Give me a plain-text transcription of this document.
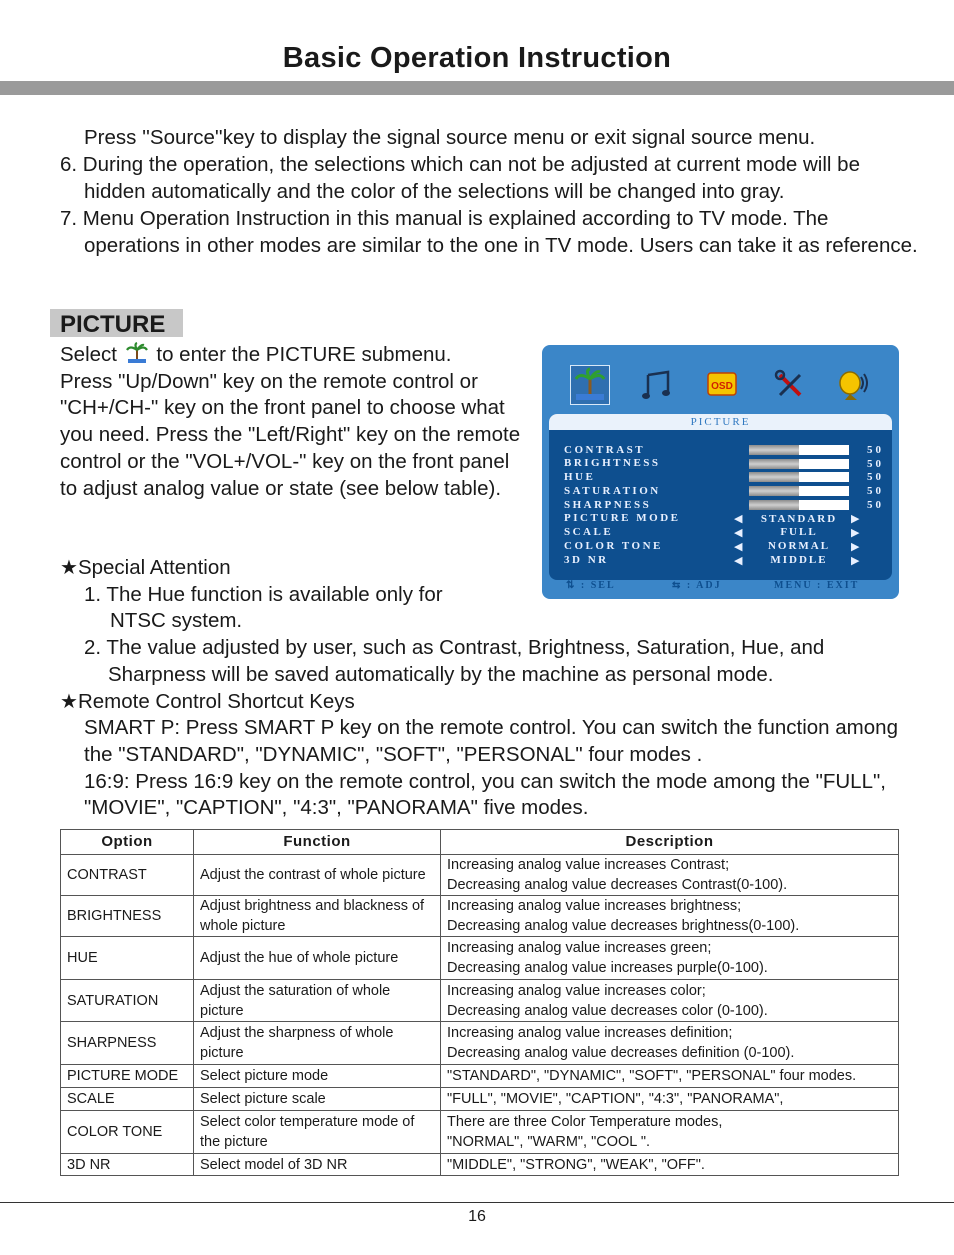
Basic Operation Instruction

Press ''Source''key to display the signal source menu or exit signal source menu.

6. During the operation, the selections which can not be adjusted at current mode will be hidden automatically and the color of the selections will be changed into gray.

7. Menu Operation Instruction in this manual is explained according to TV mode. The operations in other modes are similar to the one in TV mode. Users can take it as reference.

PICTURE

Select to enter the PICTURE submenu.

Press "Up/Down" key on the remote control or "CH+/CH-" key on the front panel to choose what you need. Press the "Left/Right" key on the remote control or the "VOL+/VOL-" key on the front panel to adjust analog value or state (see below table).

★Special Attention

1. The Hue function is available only for

NTSC system.

2. The value adjusted by user, such as Contrast, Brightness, Saturation, Hue, and

Sharpness will be saved automatically by the machine as personal mode.

★Remote Control Shortcut Keys

SMART P: Press SMART P key on the remote control. You can switch the function among the "STANDARD", "DYNAMIC", "SOFT", "PERSONAL" four modes .

16:9: Press 16:9 key on the remote control, you can switch the mode among the "FULL", "MOVIE", "CAPTION", "4:3", "PANORAMA" five modes.

OSD
PICTURE
CONTRAST	50
BRIGHTNESS	50
HUE	50
SATURATION	50
SHARPNESS	50
PICTURE MODE	◀	STANDARD	▶
SCALE	◀	FULL	▶
COLOR TONE	◀	NORMAL	▶
3D NR	◀	MIDDLE	▶
⇅ : SEL	⇆ : ADJ	MENU : EXIT
Option	Function	Description
CONTRAST	Adjust the contrast of whole picture	Increasing analog value increases Contrast;
Decreasing analog value decreases Contrast(0-100).

BRIGHTNESS	Adjust brightness and blackness of whole picture	Increasing analog value increases brightness;
Decreasing analog value decreases brightness(0-100).

HUE	Adjust the hue of whole picture	Increasing analog value increases green;
Decreasing analog value increases purple(0-100).

SATURATION	Adjust the saturation of whole picture	Increasing analog value increases color;
Decreasing analog value decreases color (0-100).

SHARPNESS	Adjust the sharpness of whole picture	Increasing analog value increases definition;
Decreasing analog value decreases definition (0-100).

PICTURE MODE	Select picture mode	"STANDARD", "DYNAMIC", "SOFT", "PERSONAL" four modes.
SCALE	Select picture scale	"FULL", "MOVIE", "CAPTION", "4:3", "PANORAMA",
COLOR TONE	Select color temperature mode of the picture	There are three Color Temperature modes,
"NORMAL", "WARM", "COOL ".

3D NR	Select model of 3D NR	"MIDDLE", "STRONG", "WEAK", "OFF".
16
